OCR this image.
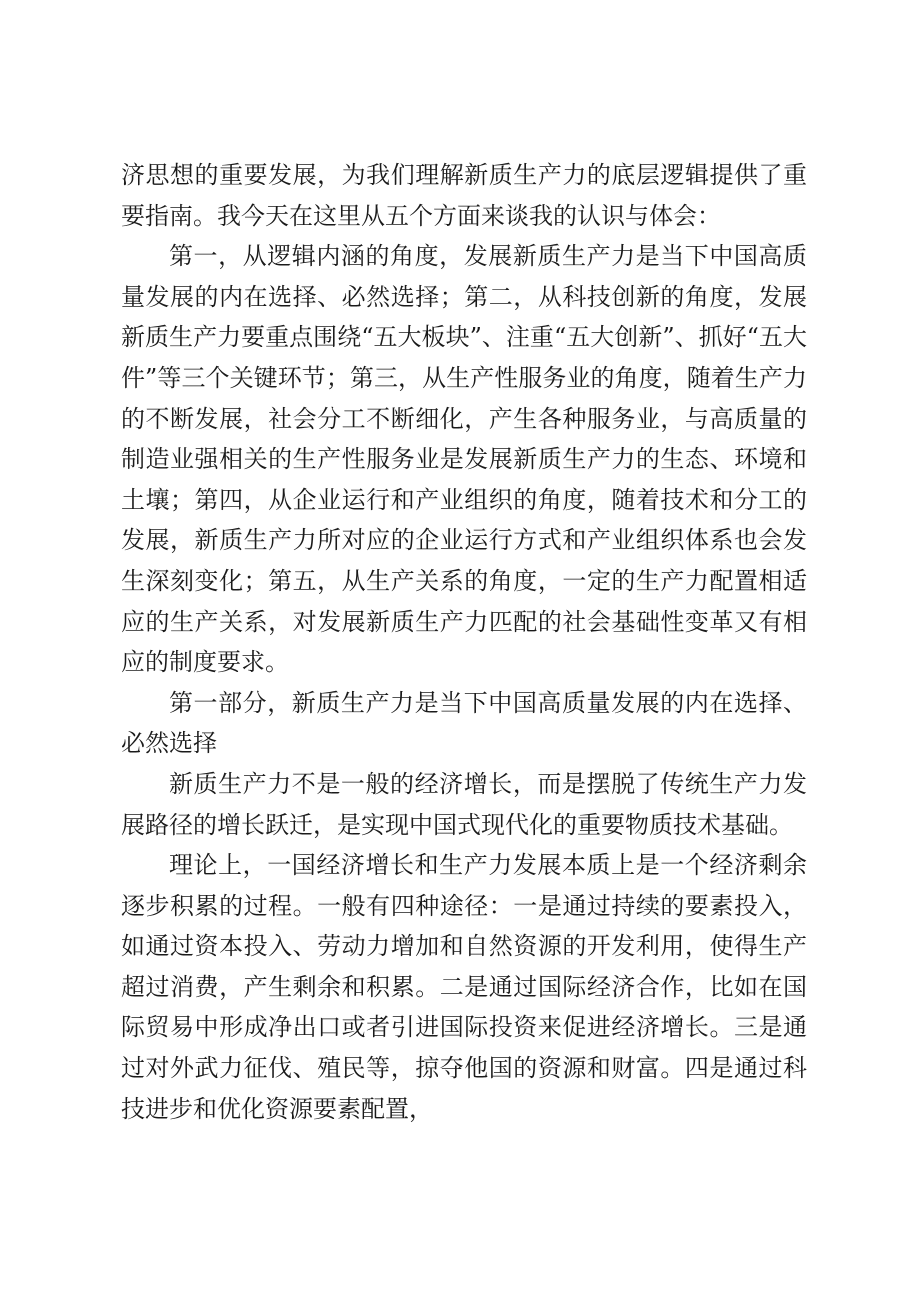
济思想的重要发展，为我们理解新质生产力的底层逻辑提供了重要指南。我今天在这里从五个方面来谈我的认识与体会：

第一，从逻辑内涵的角度，发展新质生产力是当下中国高质量发展的内在选择、必然选择；第二，从科技创新的角度，发展新质生产力要重点围绕“五大板块”、注重“五大创新”、抓好“五大件”等三个关键环节；第三，从生产性服务业的角度，随着生产力的不断发展，社会分工不断细化，产生各种服务业，与高质量的制造业强相关的生产性服务业是发展新质生产力的生态、环境和土壤；第四，从企业运行和产业组织的角度，随着技术和分工的发展，新质生产力所对应的企业运行方式和产业组织体系也会发生深刻变化；第五，从生产关系的角度，一定的生产力配置相适应的生产关系，对发展新质生产力匹配的社会基础性变革又有相应的制度要求。

第一部分，新质生产力是当下中国高质量发展的内在选择、必然选择

新质生产力不是一般的经济增长，而是摆脱了传统生产力发展路径的增长跃迁，是实现中国式现代化的重要物质技术基础。

理论上，一国经济增长和生产力发展本质上是一个经济剩余逐步积累的过程。一般有四种途径：一是通过持续的要素投入，如通过资本投入、劳动力增加和自然资源的开发利用，使得生产超过消费，产生剩余和积累。二是通过国际经济合作，比如在国际贸易中形成净出口或者引进国际投资来促进经济增长。三是通过对外武力征伐、殖民等，掠夺他国的资源和财富。四是通过科技进步和优化资源要素配置，
